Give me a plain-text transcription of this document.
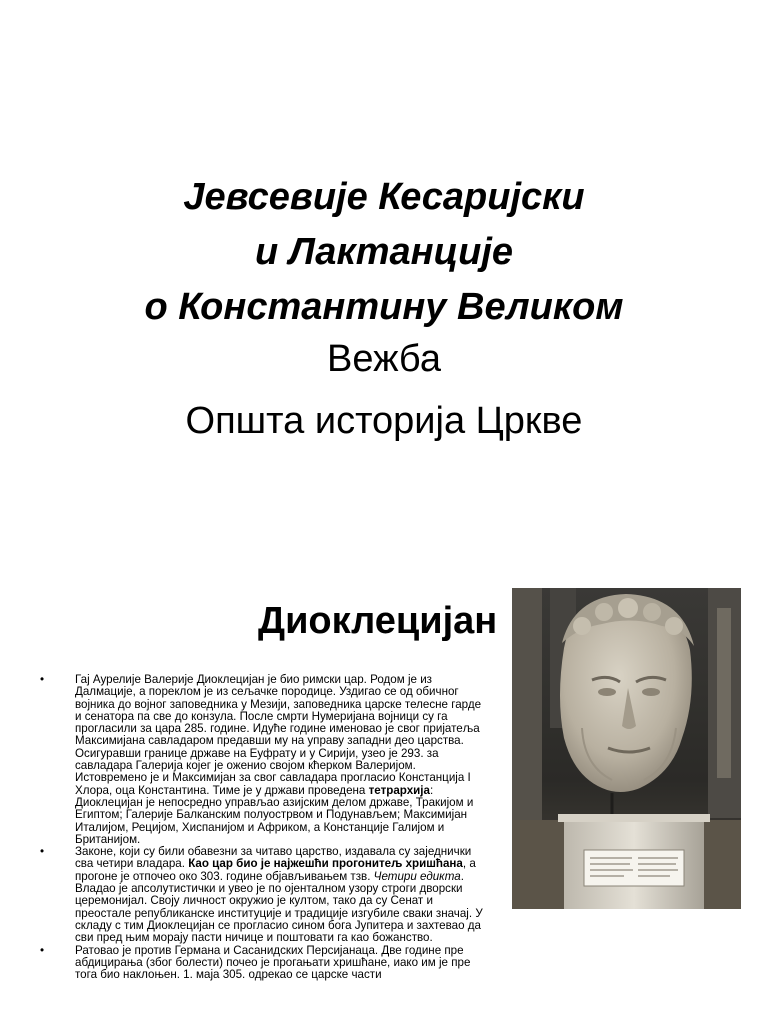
Јевсевије Кесаријски
и Лактанције
о Константину Великом

Вежба

Општа историја Цркве

Диоклецијан
•	Гај Аурелије Валерије Диоклецијан је био римски цар. Родом је из Далмације, а пореклом је из сељачке породице. Уздигао се од обичног војника до војног заповедника у Мезији, заповедника царске телесне гарде и сенатора па све до конзула. После смрти Нумеријана војници су га прогласили за цара 285. године. Идуће године именовао је свог пријатеља Максимијана савладаром предавши му на управу западни део царства. Осигуравши границе државе на Еуфрату и у Сирији, узео је 293. за савладара Галерија којег је оженио својом кћерком Валеријом. Истовремено је и Максимијан за свог савладара прогласио Констанција I Хлора, оца Константина. Тиме је у држави проведена тетрархија: Диоклецијан је непосредно управљао азијским делом државе, Тракијом и Египтом; Галерије Балканским полуострвом и Подунављем; Максимијан Италијом, Рецијом, Хиспанијом и Африком, а Констанције Галијом и Британијом.
•	Законе, који су били обавезни за читаво царство, издавала су заједнички сва четири владара. Као цар био је најжешћи прогонитељ хришћана, а прогоне је отпочео око 303. године објављивањем тзв. Четири едикта. Владао је апсолутистички и увео је по ојенталном узору строги дворски церемонијал. Своју личност окружио је култом, тако да су Сенат и преостале републиканске институције и традиције изгубиле сваки значај. У складу с тим Диоклецијан се прогласио сином бога Јупитера и захтевао да сви пред њим морају пасти ничице и поштовати га као божанство.
•	Ратовао је против Германа и Сасанидских Персијанаца. Две године пре абдицирања (због болести) почео је прогањати хришћане, иако им је пре тога био наклоњен. 1. маја 305. одрекао се царске части
